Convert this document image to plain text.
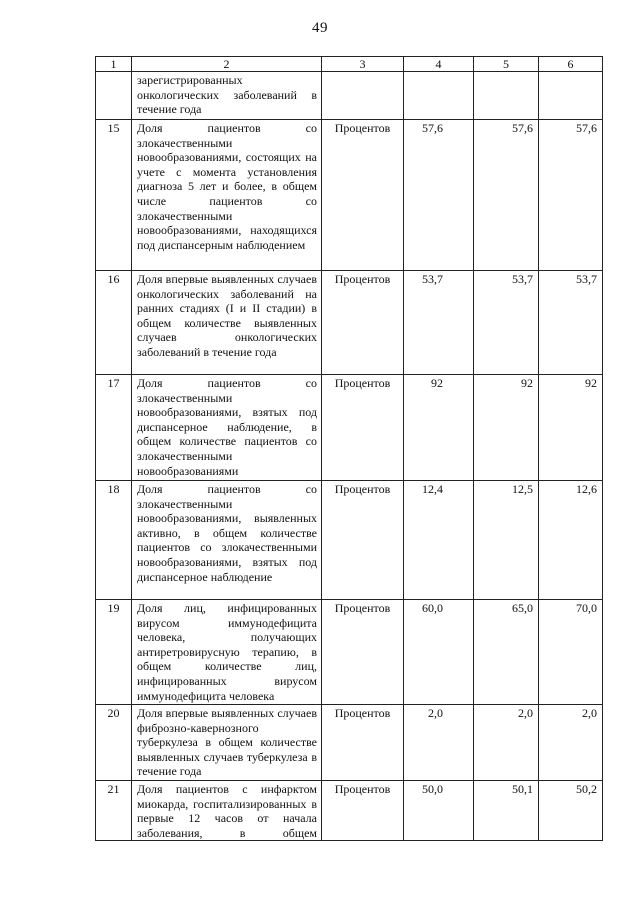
49
1	2	3	4	5	6
	зарегистрированных онкологических заболеваний в течение года				
15	Доля пациентов со злокачественными новообразованиями, состоящих на учете с момента установления диагноза 5 лет и более, в общем числе пациентов со злокачественными новообразованиями, находящихся под диспансерным наблюдением	Процентов	57,6	57,6	57,6
16	Доля впервые выявленных случаев онкологических заболеваний на ранних стадиях (I и II стадии) в общем количестве выявленных случаев онкологических заболеваний в течение года	Процентов	53,7	53,7	53,7
17	Доля пациентов со злокачественными новообразованиями, взятых под диспансерное наблюдение, в общем количестве пациентов со злокачественными новообразованиями	Процентов	92	92	92
18	Доля пациентов со злокачественными новообразованиями, выявленных активно, в общем количестве пациентов со злокачественными новообразованиями, взятых под диспансерное наблюдение	Процентов	12,4	12,5	12,6
19	Доля лиц, инфицированных вирусом иммунодефицита человека, получающих антиретровирусную терапию, в общем количестве лиц, инфицированных вирусом иммунодефицита человека	Процентов	60,0	65,0	70,0
20	Доля впервые выявленных случаев фиброзно-кавернозного туберкулеза в общем количестве выявленных случаев туберкулеза в течение года	Процентов	2,0	2,0	2,0
21	Доля пациентов с инфарктом миокарда, госпитализированных в первые 12 часов от начала заболевания, в общем	Процентов	50,0	50,1	50,2
